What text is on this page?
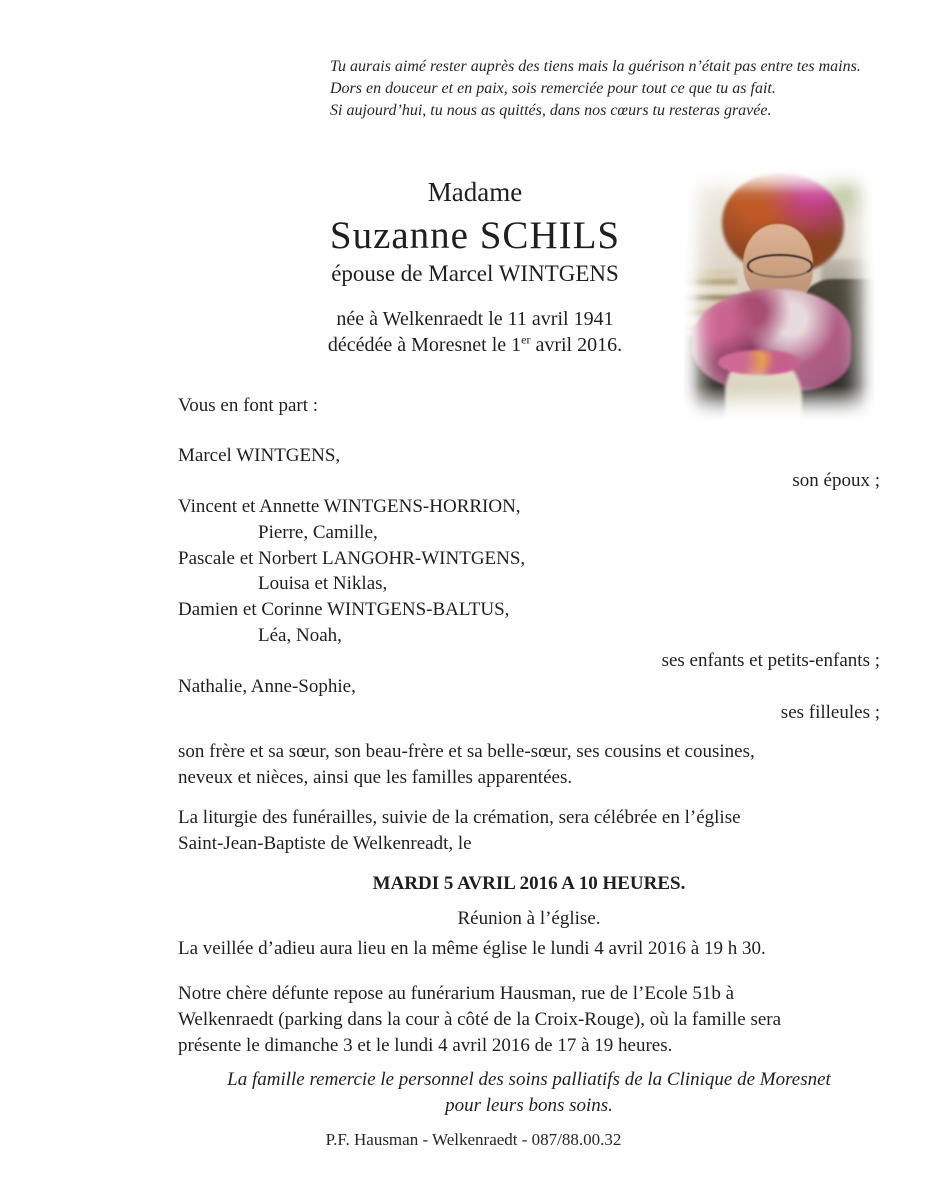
Tu aurais aimé rester auprès des tiens mais la guérison n’était pas entre tes mains.
Dors en douceur et en paix, sois remerciée pour tout ce que tu as fait.
Si aujourd’hui, tu nous as quittés, dans nos cœurs tu resteras gravée.
Madame
Suzanne SCHILS
épouse de Marcel WINTGENS
née à Welkenraedt le 11 avril 1941
décédée à Moresnet le 1er avril 2016.
Vous en font part :
Marcel WINTGENS,
son époux ;
Vincent et Annette WINTGENS-HORRION,
Pierre, Camille,
Pascale et Norbert LANGOHR-WINTGENS,
Louisa et Niklas,
Damien et Corinne WINTGENS-BALTUS,
Léa, Noah,
ses enfants et petits-enfants ;
Nathalie, Anne-Sophie,
ses filleules ;
son frère et sa sœur, son beau-frère et sa belle-sœur, ses cousins et cousines,
neveux et nièces, ainsi que les familles apparentées.
La liturgie des funérailles, suivie de la crémation, sera célébrée en l’église
Saint-Jean-Baptiste de Welkenreadt, le
MARDI 5 AVRIL 2016 A 10 HEURES.
Réunion à l’église.
La veillée d’adieu aura lieu en la même église le lundi 4 avril 2016 à 19 h 30.
Notre chère défunte repose au funérarium Hausman, rue de l’Ecole 51b à
Welkenraedt (parking dans la cour à côté de la Croix-Rouge), où la famille sera
présente le dimanche 3 et le lundi 4 avril 2016 de 17 à 19 heures.
La famille remercie le personnel des soins palliatifs de la Clinique de Moresnet
pour leurs bons soins.
P.F. Hausman - Welkenraedt - 087/88.00.32
